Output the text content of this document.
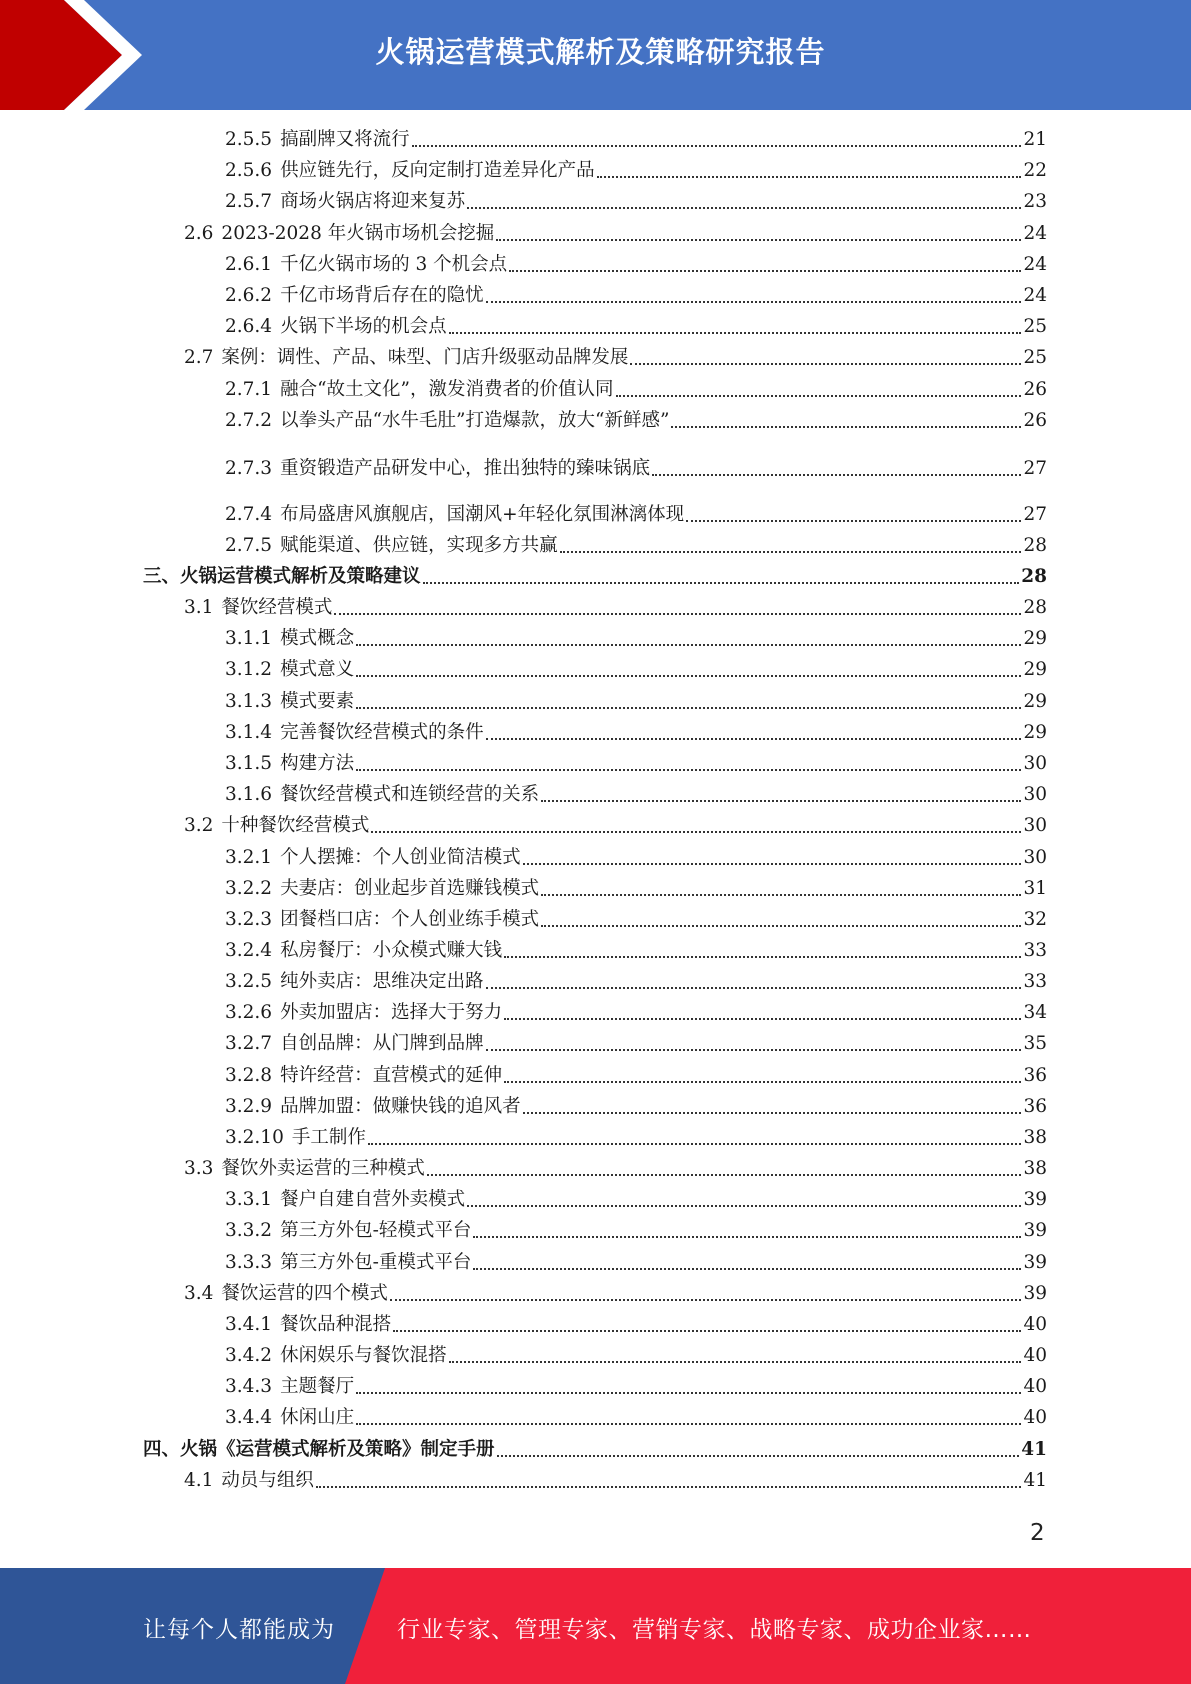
火锅运营模式解析及策略研究报告
2.5.5 搞副牌又将流行	21
2.5.6 供应链先行，反向定制打造差异化产品	22
2.5.7 商场火锅店将迎来复苏	23
2.6 2023-2028 年火锅市场机会挖掘	24
2.6.1 千亿火锅市场的 3 个机会点	24
2.6.2 千亿市场背后存在的隐忧	24
2.6.4 火锅下半场的机会点	25
2.7 案例：调性、产品、味型、门店升级驱动品牌发展	25
2.7.1 融合“故土文化”，激发消费者的价值认同	26
2.7.2 以拳头产品“水牛毛肚”打造爆款，放大“新鲜感”	26
2.7.3 重资锻造产品研发中心，推出独特的臻味锅底	27
2.7.4 布局盛唐风旗舰店，国潮风+年轻化氛围淋漓体现	27
2.7.5 赋能渠道、供应链，实现多方共赢	28
三、 火锅运营模式解析及策略建议	28
3.1 餐饮经营模式	28
3.1.1 模式概念	29
3.1.2 模式意义	29
3.1.3 模式要素	29
3.1.4 完善餐饮经营模式的条件	29
3.1.5 构建方法	30
3.1.6 餐饮经营模式和连锁经营的关系	30
3.2 十种餐饮经营模式	30
3.2.1 个人摆摊：个人创业简洁模式	30
3.2.2 夫妻店：创业起步首选赚钱模式	31
3.2.3 团餐档口店：个人创业练手模式	32
3.2.4 私房餐厅：小众模式赚大钱	33
3.2.5 纯外卖店：思维决定出路	33
3.2.6 外卖加盟店：选择大于努力	34
3.2.7 自创品牌：从门牌到品牌	35
3.2.8 特许经营：直营模式的延伸	36
3.2.9 品牌加盟：做赚快钱的追风者	36
3.2.10 手工制作	38
3.3 餐饮外卖运营的三种模式	38
3.3.1 餐户自建自营外卖模式	39
3.3.2 第三方外包-轻模式平台	39
3.3.3 第三方外包-重模式平台	39
3.4 餐饮运营的四个模式	39
3.4.1 餐饮品种混搭	40
3.4.2 休闲娱乐与餐饮混搭	40
3.4.3 主题餐厅	40
3.4.4 休闲山庄	40
四、 火锅《运营模式解析及策略》制定手册	41
4.1 动员与组织	41
2
让每个人都能成为	行业专家、管理专家、营销专家、战略专家、成功企业家……
